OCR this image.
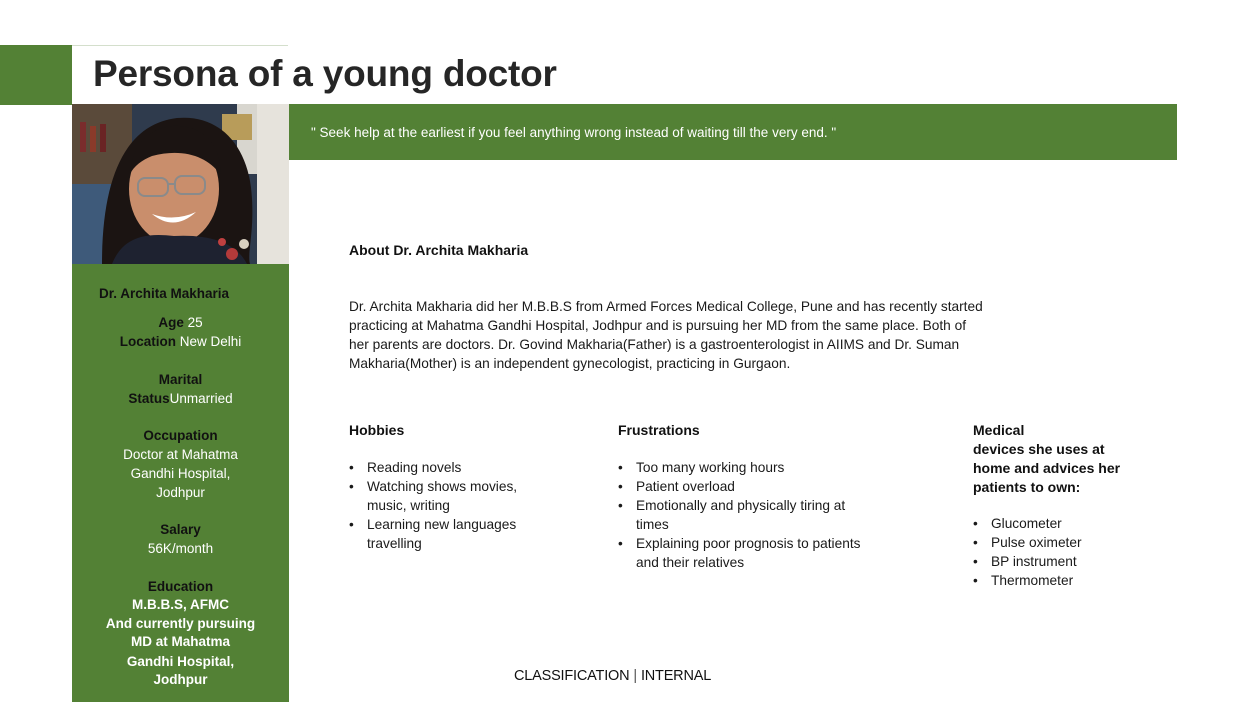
Persona of a young doctor
" Seek help at the earliest if you feel anything wrong instead of waiting till the very end. "
Dr. Archita Makharia
Age 25
Location New Delhi
Marital
StatusUnmarried
Occupation
Doctor at Mahatma
Gandhi Hospital,
Jodhpur
Salary
56K/month
Education
M.B.B.S, AFMC
And currently pursuing
MD at Mahatma
Gandhi Hospital,
Jodhpur
About Dr. Archita Makharia
Dr. Archita Makharia did her M.B.B.S from Armed Forces Medical College, Pune and has recently started
practicing at Mahatma Gandhi Hospital, Jodhpur and is pursuing her MD from the same place. Both of
her parents are doctors. Dr. Govind Makharia(Father) is a gastroenterologist in AIIMS and Dr. Suman
Makharia(Mother) is an independent gynecologist, practicing in Gurgaon.
Hobbies
• Reading novels
• Watching shows movies,
music, writing
• Learning new languages
travelling
Frustrations
• Too many working hours
• Patient overload
• Emotionally and physically tiring at
times
• Explaining poor prognosis to patients
and their relatives
Medical
devices she uses at
home and advices her
patients to own:
• Glucometer
• Pulse oximeter
• BP instrument
• Thermometer
CLASSIFICATION | INTERNAL
